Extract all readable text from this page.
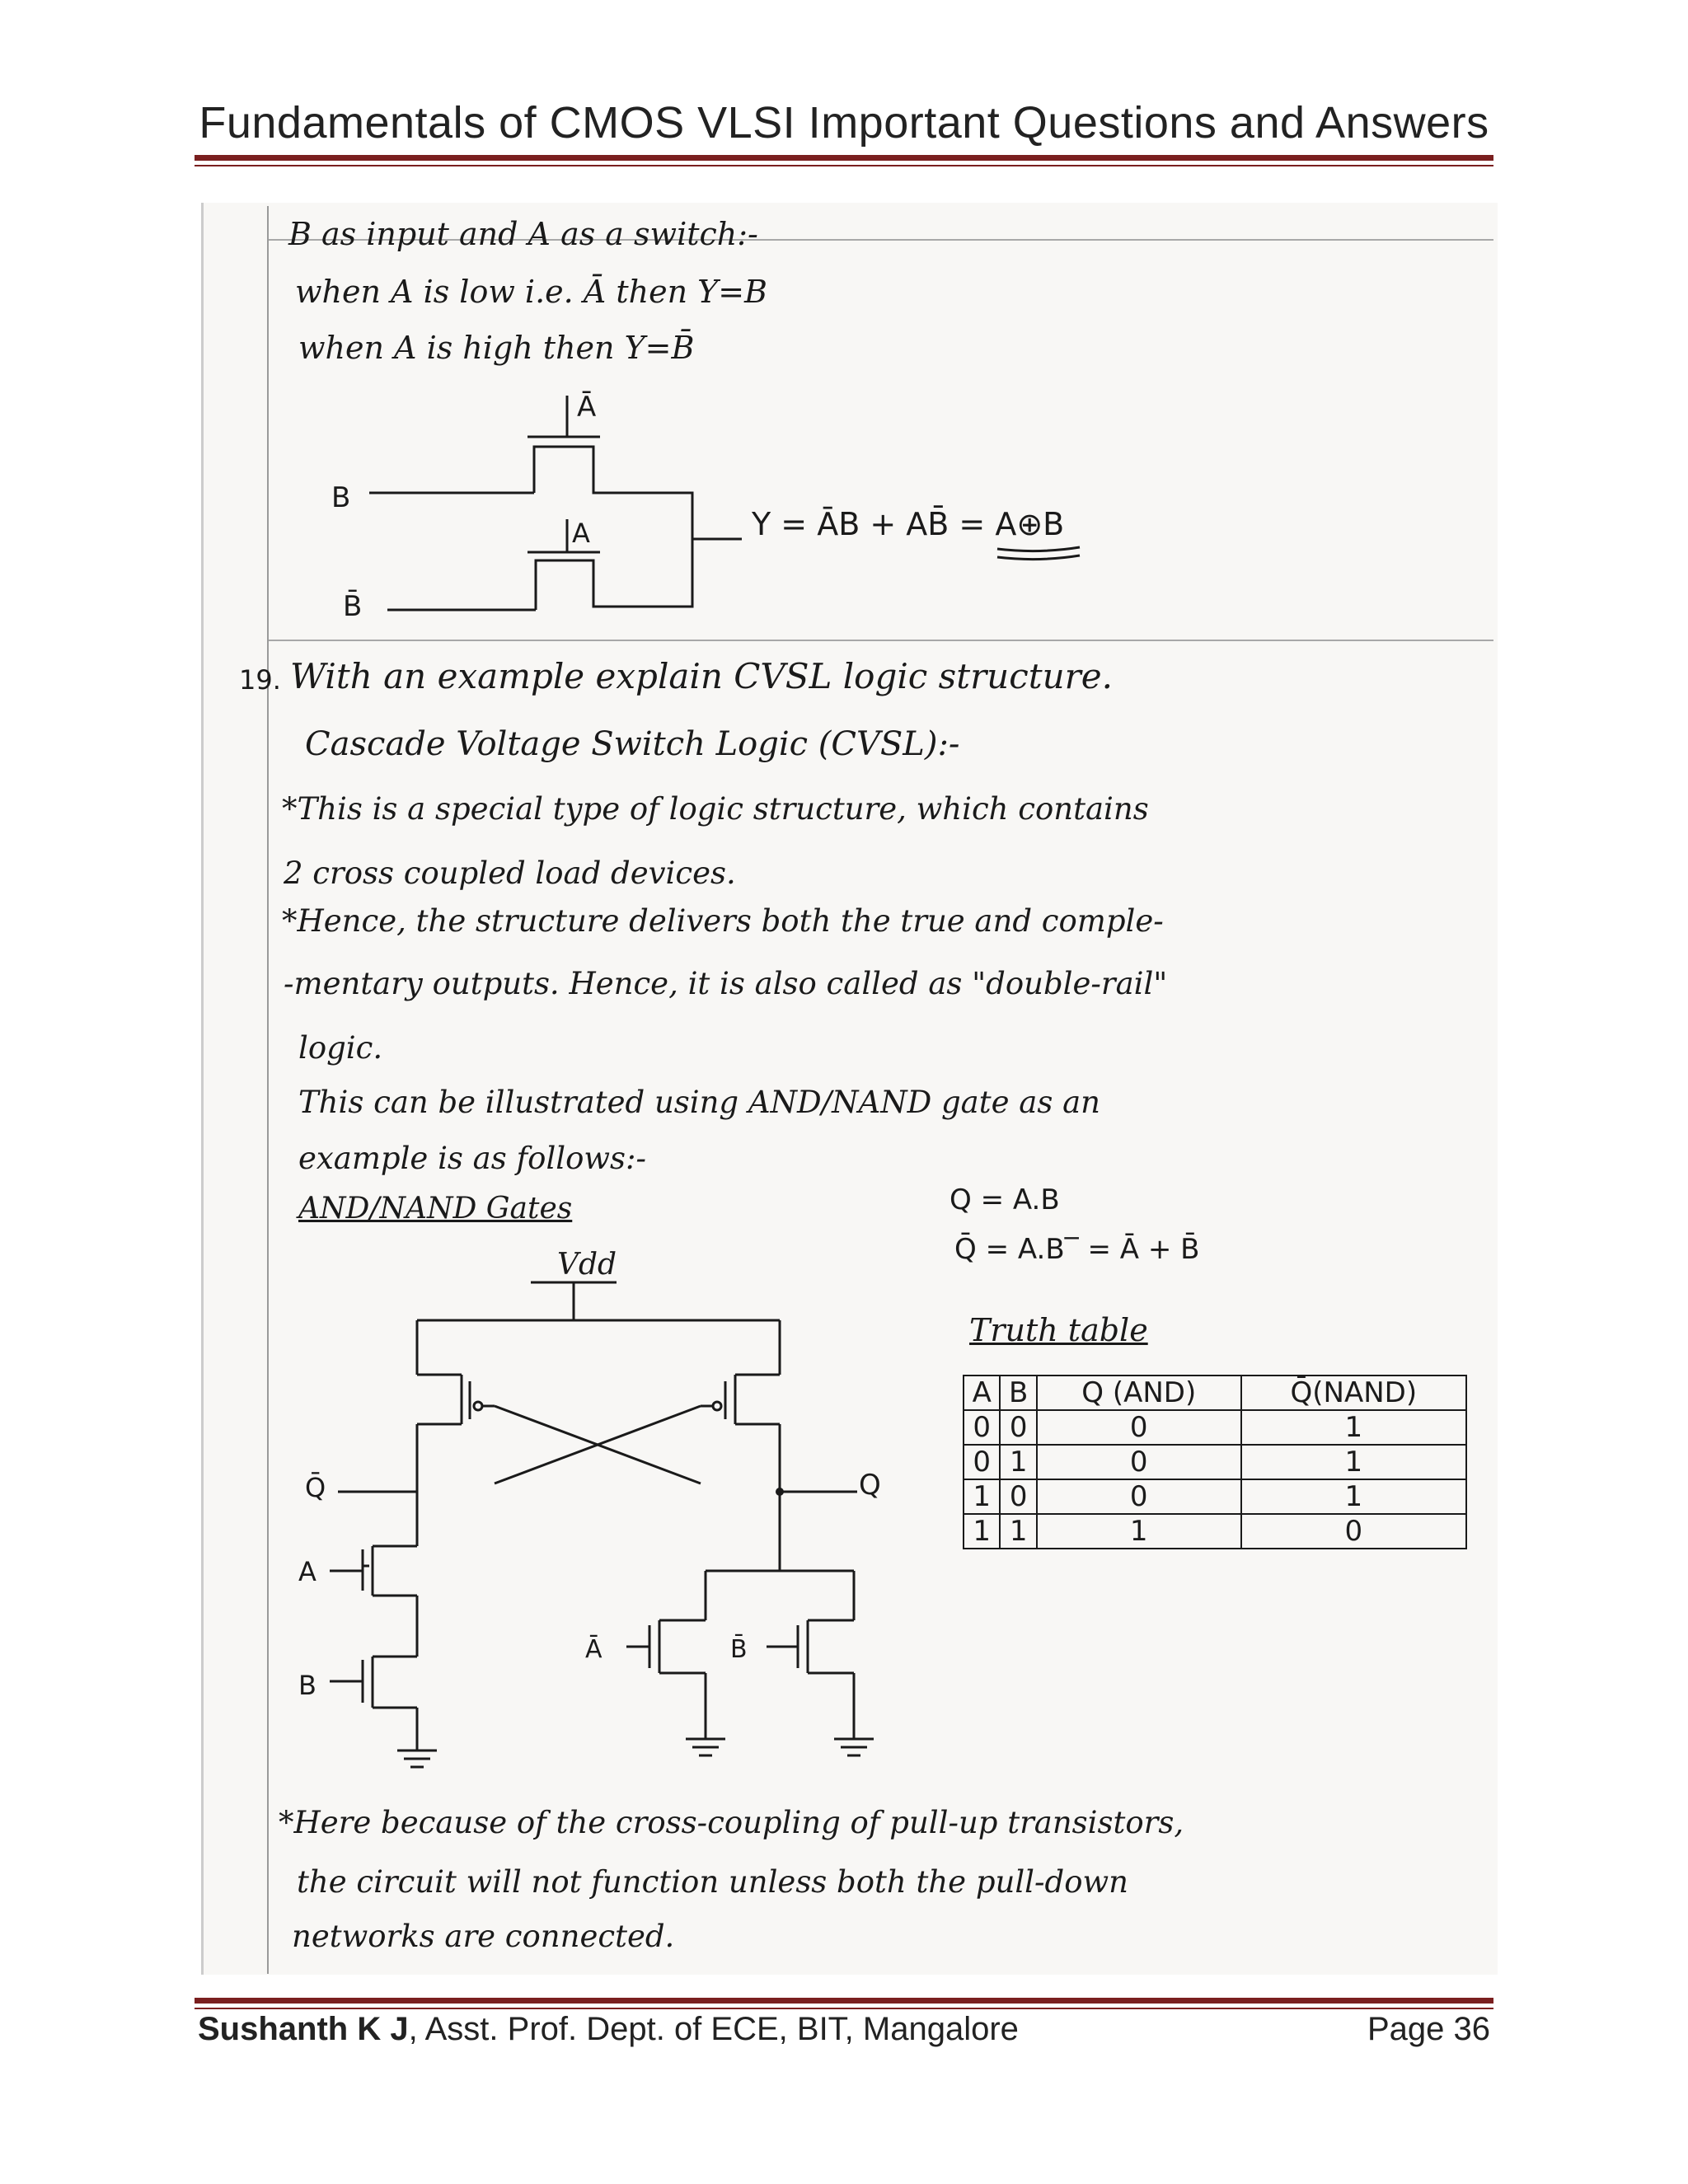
Fundamentals of CMOS VLSI Important Questions and Answers
B as input and A as a switch:-
when A is low i.e. Ā then Y=B
when A is high then Y=B̄
Ā
A
B
B̄
Y = ĀB + AB̄ = A⊕B
19. With an example explain CVSL logic structure.
Cascade Voltage Switch Logic (CVSL):-
*This is a special type of logic structure, which contains
2 cross coupled load devices.
*Hence, the structure delivers both the true and comple-
-mentary outputs. Hence, it is also called as "double-rail"
logic.
This can be illustrated using AND/NAND gate as an
example is as follows:-
AND/NAND Gates	Q = A.B
Q̄ = A.B‾ = Ā + B̄
Vdd
Truth table
Q̄	Q
A
B
Ā	B̄
A	B	Q (AND)	Q̄(NAND)
0	0	0	1
0	1	0	1
1	0	0	1
1	1	1	0
*Here because of the cross-coupling of pull-up transistors,
the circuit will not function unless both the pull-down
networks are connected.
Sushanth K J, Asst. Prof. Dept. of ECE, BIT, Mangalore	Page 36
